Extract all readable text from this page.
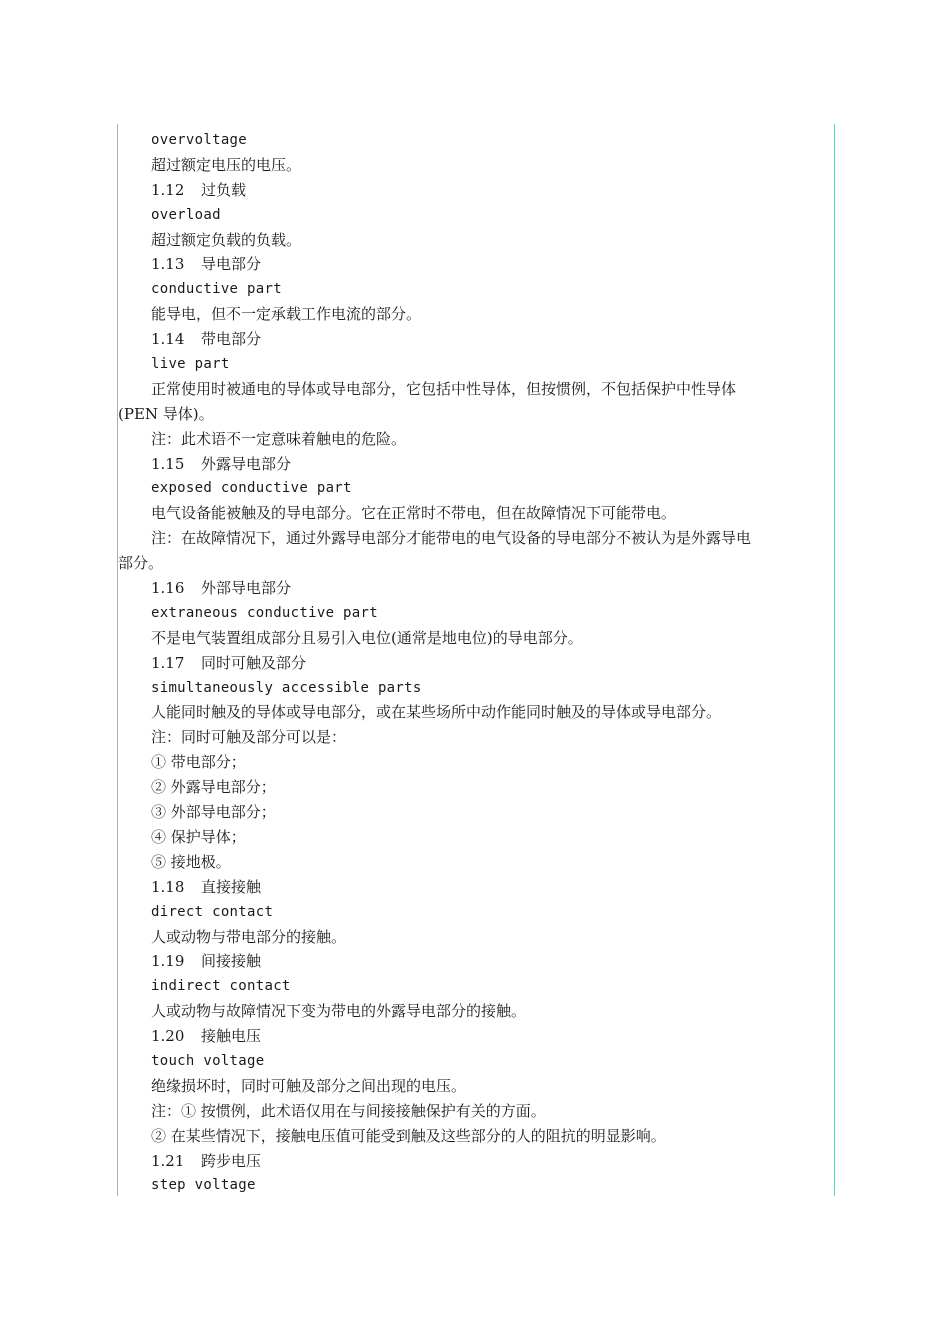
overvoltage
超过额定电压的电压。
1.12 过负载
overload
超过额定负载的负载。
1.13 导电部分
conductive part
能导电，但不一定承载工作电流的部分。
1.14 带电部分
live part
正常使用时被通电的导体或导电部分，它包括中性导体，但按惯例，不包括保护中性导体
(PEN 导体)。
注：此术语不一定意味着触电的危险。
1.15 外露导电部分
exposed conductive part
电气设备能被触及的导电部分。它在正常时不带电，但在故障情况下可能带电。
注：在故障情况下，通过外露导电部分才能带电的电气设备的导电部分不被认为是外露导电
部分。
1.16 外部导电部分
extraneous conductive part
不是电气装置组成部分且易引入电位(通常是地电位)的导电部分。
1.17 同时可触及部分
simultaneously accessible parts
人能同时触及的导体或导电部分，或在某些场所中动作能同时触及的导体或导电部分。
注：同时可触及部分可以是：
① 带电部分；
② 外露导电部分；
③ 外部导电部分；
④ 保护导体；
⑤ 接地极。
1.18 直接接触
direct contact
人或动物与带电部分的接触。
1.19 间接接触
indirect contact
人或动物与故障情况下变为带电的外露导电部分的接触。
1.20 接触电压
touch voltage
绝缘损坏时，同时可触及部分之间出现的电压。
注：① 按惯例，此术语仅用在与间接接触保护有关的方面。
② 在某些情况下，接触电压值可能受到触及这些部分的人的阻抗的明显影响。
1.21 跨步电压
step voltage
